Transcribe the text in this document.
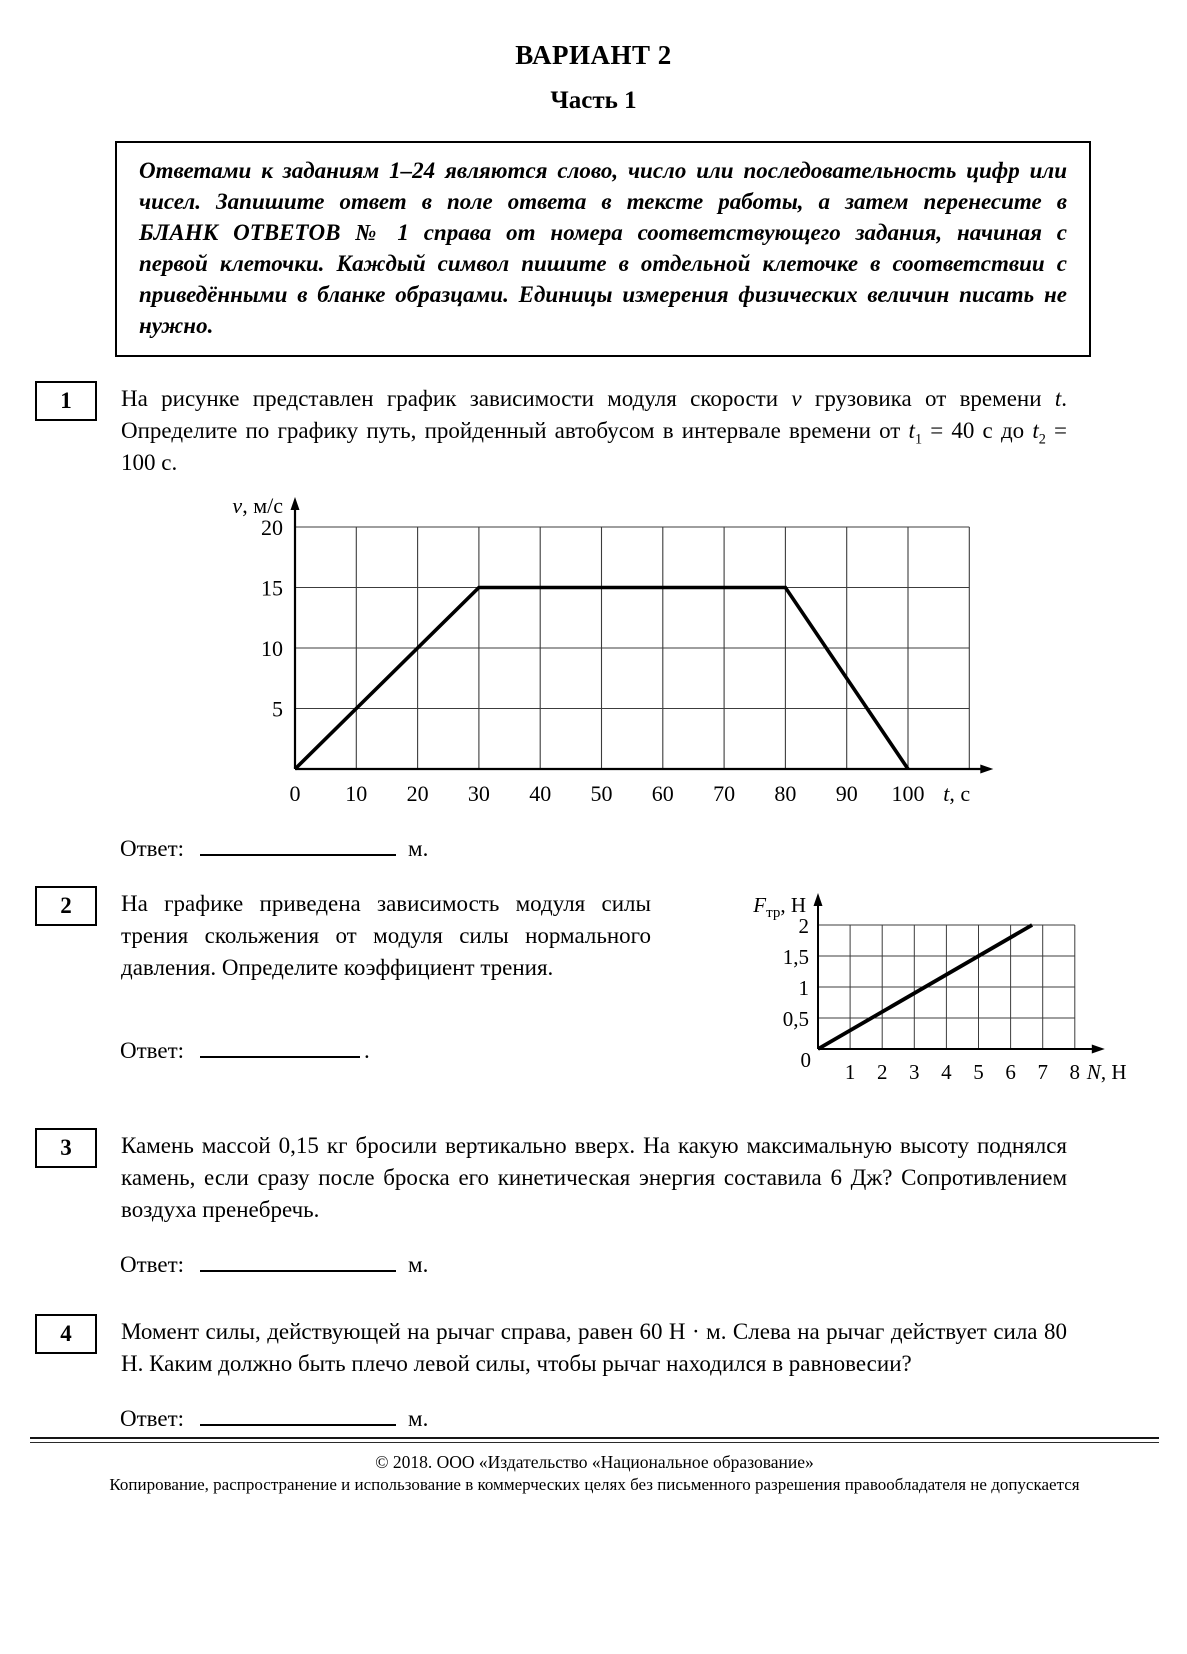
ВАРИАНТ 2
Часть 1
Ответами к заданиям 1–24 являются слово, число или последовательность цифр или чисел. Запишите ответ в поле ответа в тексте работы, а затем перенесите в БЛАНК ОТВЕТОВ № 1 справа от номера соответствующего задания, начиная с первой клеточки. Каждый символ пишите в отдельной клеточке в соответствии с приведёнными в бланке образцами. Единицы измерения физических величин писать не нужно.
1	На рисунке представлен график зависимости модуля скорости v грузовика от времени t. Определите по графику путь, пройденный автобусом в интервале времени от $t_1 = 40$ с до $t_2 = 100$ с.

0 10 20 30 40 50 60 70 80 90 100
5
10
15
20
v, м/с
t, c
Ответ:	м.
2	На графике приведена зависимость модуля силы трения скольжения от модуля силы нормального давления. Определите коэффициент трения.

Ответ:	.
1 2 3 4 5 6 7 8
0,5
1
1,5
2
0
$F_{тр}$, Н
N, Н
3	Камень массой 0,15 кг бросили вертикально вверх. На какую максимальную высоту поднялся камень, если сразу после броска его кинетическая энергия составила 6 Дж? Сопротивлением воздуха пренебречь.

Ответ:	м.
4	Момент силы, действующей на рычаг справа, равен 60 Н · м. Слева на рычаг действует сила 80 Н. Каким должно быть плечо левой силы, чтобы рычаг находился в равновесии?

Ответ:	м.
© 2018. ООО «Издательство «Национальное образование»
Копирование, распространение и использование в коммерческих целях без письменного разрешения правообладателя не допускается
